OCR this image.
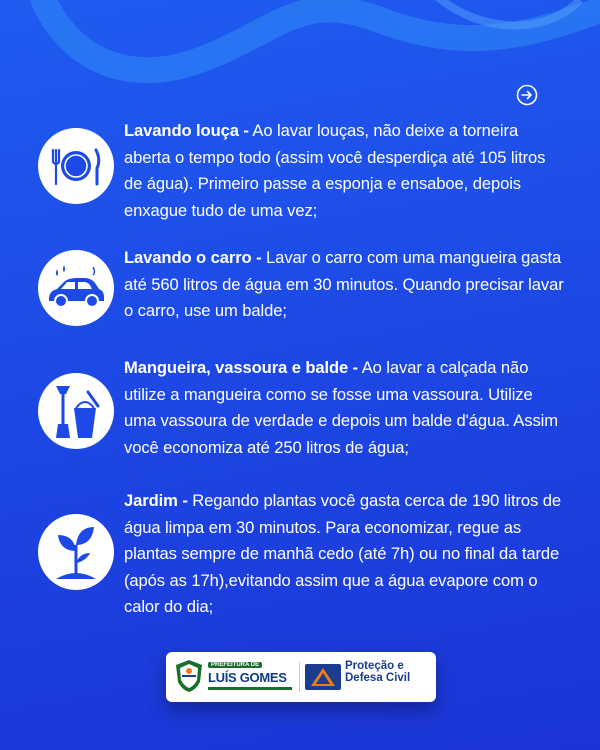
Lavando louça - Ao lavar louças, não deixe a torneira aberta o tempo todo (assim você desperdiça até 105 litros de água). Primeiro passe a esponja e ensaboe, depois enxague tudo de uma vez;
Lavando o carro - Lavar o carro com uma mangueira gasta até 560 litros de água em 30 minutos. Quando precisar lavar o carro, use um balde;
Mangueira, vassoura e balde - Ao lavar a calçada não utilize a mangueira como se fosse uma vassoura. Utilize uma vassoura de verdade e depois um balde d'água. Assim você economiza até 250 litros de água;
Jardim - Regando plantas você gasta cerca de 190 litros de água limpa em 30 minutos. Para economizar, regue as plantas sempre de manhã cedo (até 7h) ou no final da tarde (após as 17h),evitando assim que a água evapore com o calor do dia;
PREFEITURA DE
LUÍS GOMES
Proteção e Defesa Civil
